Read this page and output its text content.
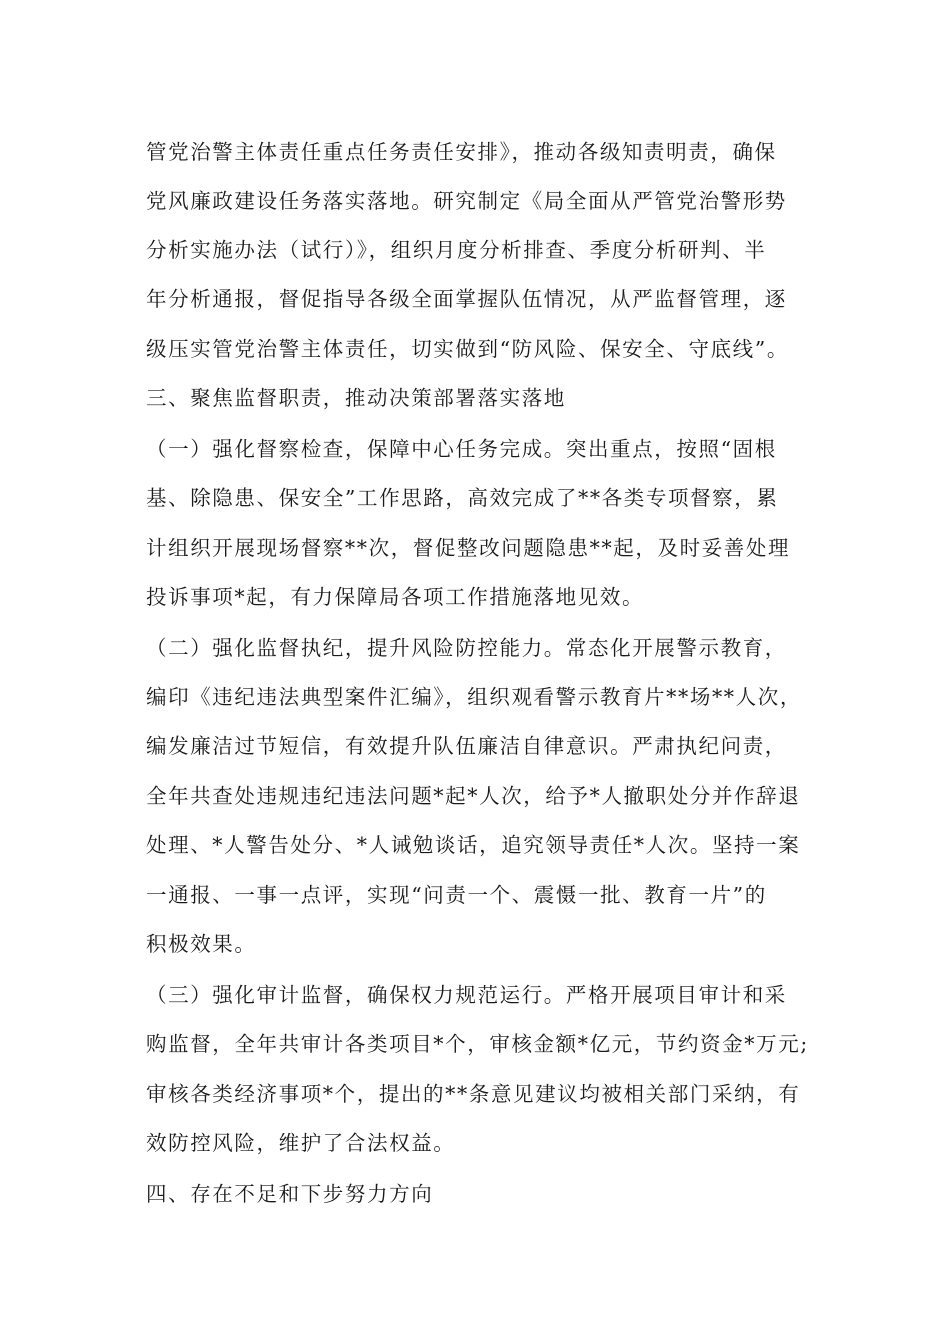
管党治警主体责任重点任务责任安排》，推动各级知责明责，确保
党风廉政建设任务落实落地。研究制定《局全面从严管党治警形势
分析实施办法（试行）》，组织月度分析排查、季度分析研判、半
年分析通报，督促指导各级全面掌握队伍情况，从严监督管理，逐
级压实管党治警主体责任，切实做到“防风险、保安全、守底线”。
三、聚焦监督职责，推动决策部署落实落地
（一）强化督察检查，保障中心任务完成。突出重点，按照“固根
基、除隐患、保安全”工作思路，高效完成了**各类专项督察，累
计组织开展现场督察**次，督促整改问题隐患**起，及时妥善处理
投诉事项*起，有力保障局各项工作措施落地见效。
（二）强化监督执纪，提升风险防控能力。常态化开展警示教育，
编印《违纪违法典型案件汇编》，组织观看警示教育片**场**人次，
编发廉洁过节短信，有效提升队伍廉洁自律意识。严肃执纪问责，
全年共查处违规违纪违法问题*起*人次，给予*人撤职处分并作辞退
处理、*人警告处分、*人诫勉谈话，追究领导责任*人次。坚持一案
一通报、一事一点评，实现“问责一个、震慑一批、教育一片”的
积极效果。
（三）强化审计监督，确保权力规范运行。严格开展项目审计和采
购监督，全年共审计各类项目*个，审核金额*亿元，节约资金*万元;
审核各类经济事项*个，提出的**条意见建议均被相关部门采纳，有
效防控风险，维护了合法权益。
四、存在不足和下步努力方向
